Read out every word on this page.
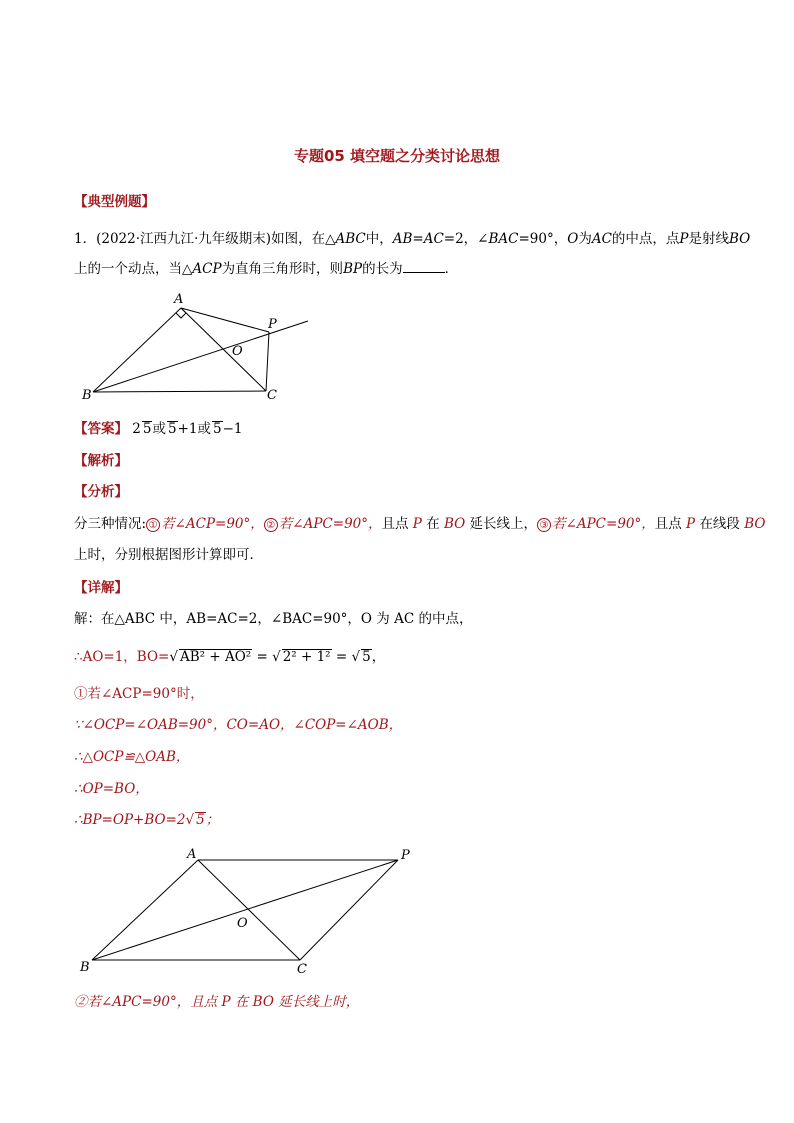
专题05 填空题之分类讨论思想
【典型例题】
1．(2022·江西九江·九年级期末)如图，在△ABC中，AB=AC=2，∠BAC=90°，O为AC的中点，点P是射线BO
上的一个动点，当△ACP为直角三角形时，则BP的长为	．
A
P
O
B	C
【答案】 2 5或 5+1或 5−1
【解析】
【分析】
分三种情况: ① 若∠ACP=90°， ② 若∠APC=90°，且点 P 在 BO 延长线上， ③ 若∠APC=90°，且点 P 在线段 BO
上时，分别根据图形计算即可．
【详解】
解：在△ABC 中，AB=AC=2，∠BAC=90°，O 为 AC 的中点，
∴AO=1，BO=√ AB² + AO² = √ 2² + 1² = √ 5，
①若∠ACP=90°时，
∵∠OCP=∠OAB=90°，CO=AO，∠COP=∠AOB，
∴△OCP≌△OAB，
∴OP=BO，
∴BP=OP+BO=2√ 5；
A	P
O
B	C
②若∠APC=90°，且点 P 在 BO 延长线上时，
